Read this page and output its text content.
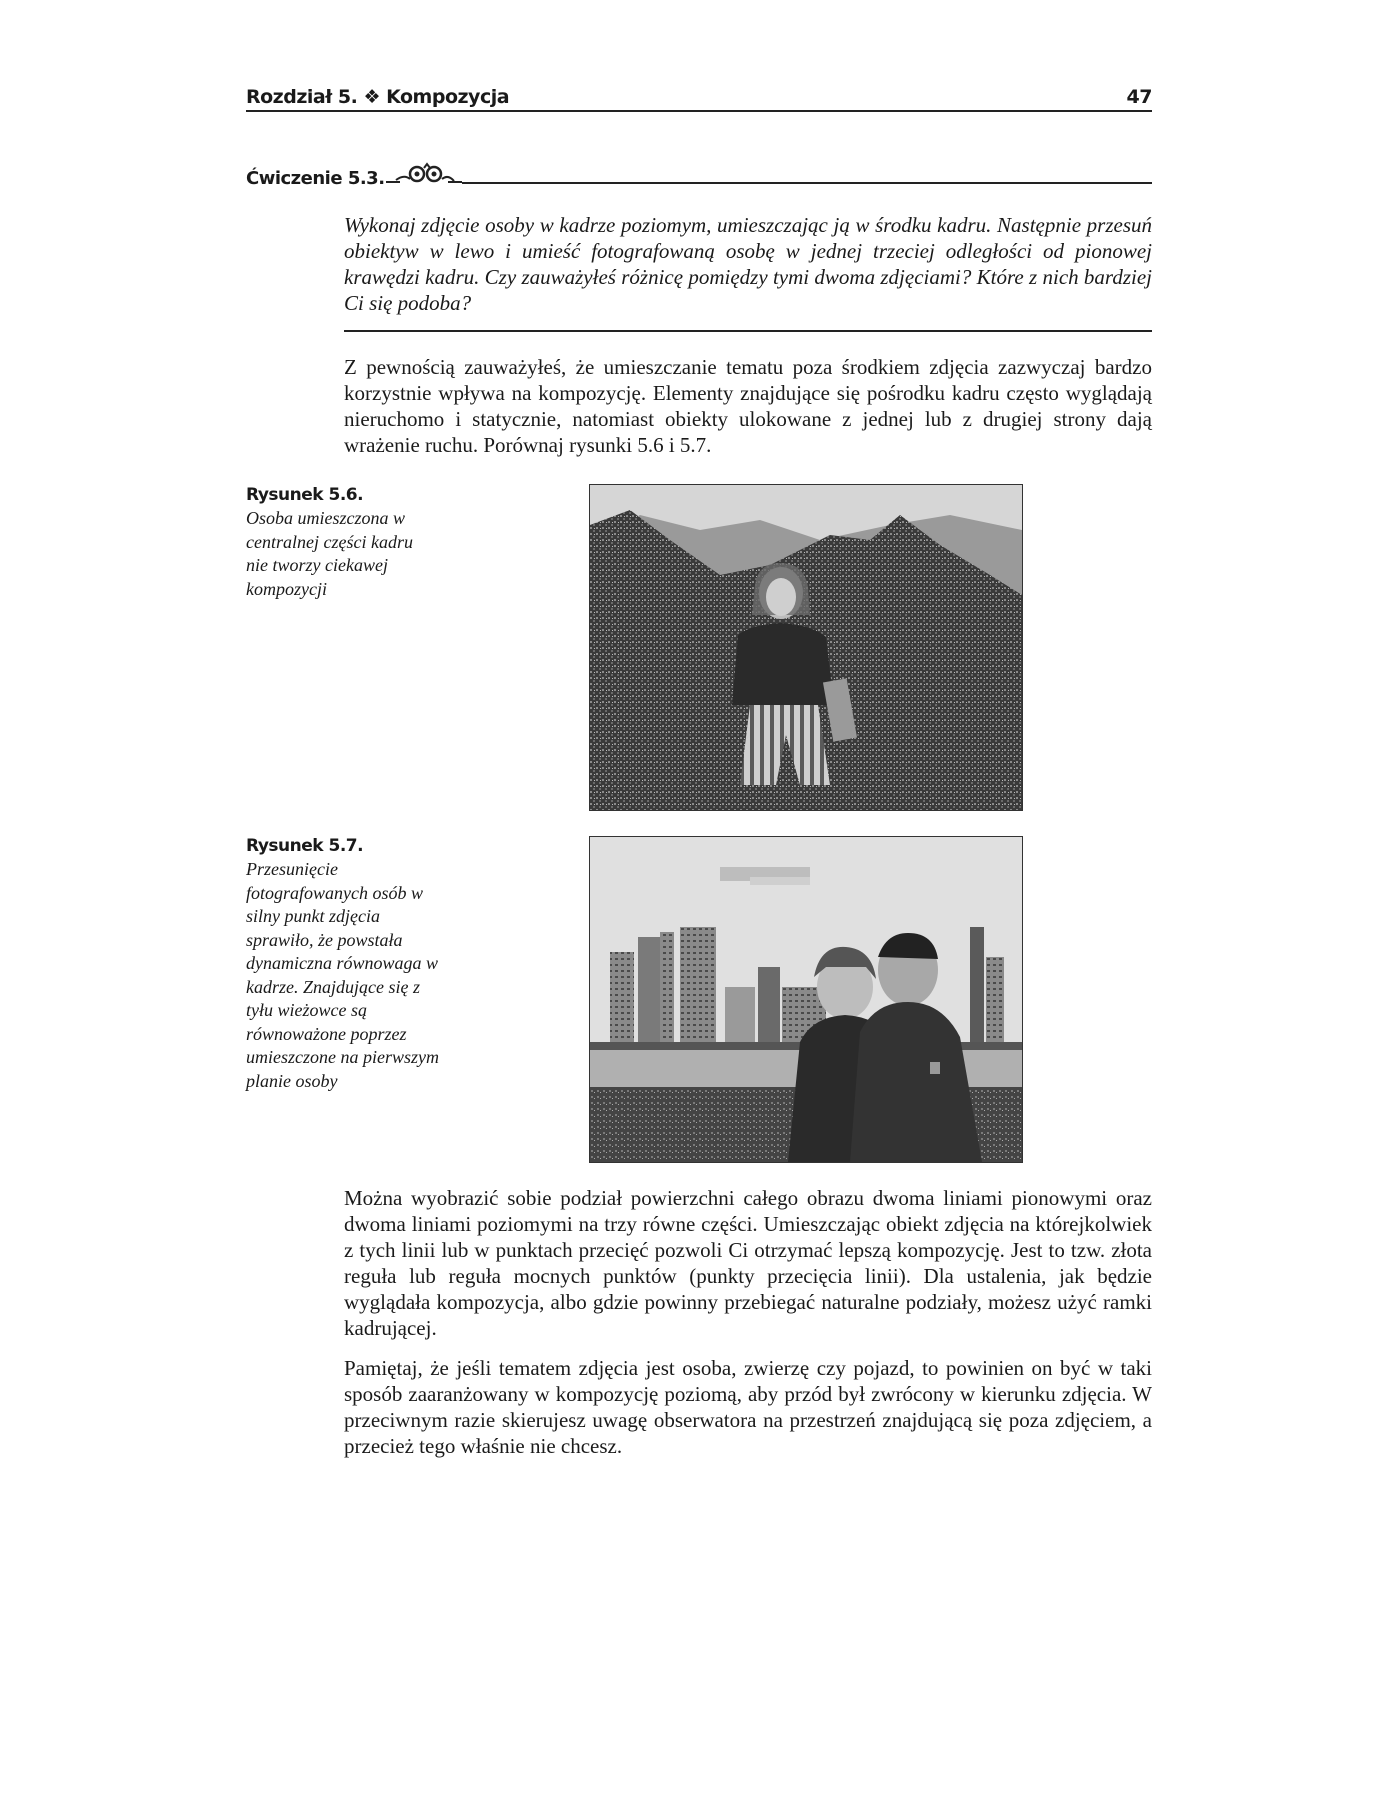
Rozdział 5. ❖ Kompozycja	47
Ćwiczenie 5.3.
Wykonaj zdjęcie osoby w kadrze poziomym, umieszczając ją w środku kadru. Następnie przesuń obiektyw w lewo i umieść fotografowaną osobę w jednej trzeciej odległości od pionowej krawędzi kadru. Czy zauważyłeś różnicę pomiędzy tymi dwoma zdjęciami? Które z nich bardziej Ci się podoba?
Z pewnością zauważyłeś, że umieszczanie tematu poza środkiem zdjęcia zazwyczaj bardzo korzystnie wpływa na kompozycję. Elementy znajdujące się pośrodku kadru często wyglądają nieruchomo i statycznie, natomiast obiekty ulokowane z jednej lub z drugiej strony dają wrażenie ruchu. Porównaj rysunki 5.6 i 5.7.
Rysunek 5.6.
Osoba umieszczona w centralnej części kadru nie tworzy ciekawej kompozycji
Rysunek 5.7.
Przesunięcie fotografowanych osób w silny punkt zdjęcia sprawiło, że powstała dynamiczna równowaga w kadrze. Znajdujące się z tyłu wieżowce są równoważone poprzez umieszczone na pierwszym planie osoby
Można wyobrazić sobie podział powierzchni całego obrazu dwoma liniami pionowymi oraz dwoma liniami poziomymi na trzy równe części. Umieszczając obiekt zdjęcia na którejkolwiek z tych linii lub w punktach przecięć pozwoli Ci otrzymać lepszą kompozycję. Jest to tzw. złota reguła lub reguła mocnych punktów (punkty przecięcia linii). Dla ustalenia, jak będzie wyglądała kompozycja, albo gdzie powinny przebiegać naturalne podziały, możesz użyć ramki kadrującej.
Pamiętaj, że jeśli tematem zdjęcia jest osoba, zwierzę czy pojazd, to powinien on być w taki sposób zaaranżowany w kompozycję poziomą, aby przód był zwrócony w kierunku zdjęcia. W przeciwnym razie skierujesz uwagę obserwatora na przestrzeń znajdującą się poza zdjęciem, a przecież tego właśnie nie chcesz.
